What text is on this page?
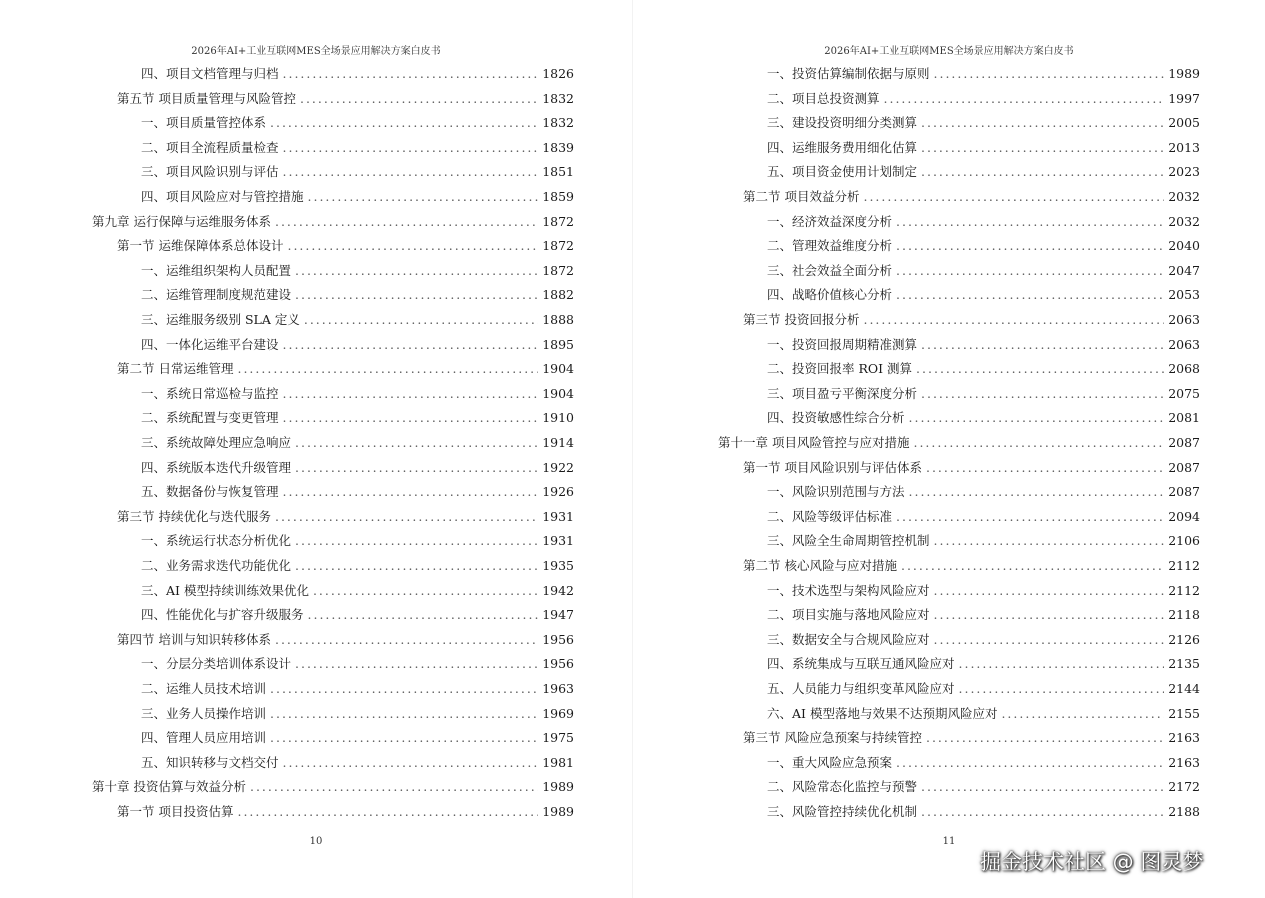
2026年AI+工业互联网MES全场景应用解决方案白皮书
四、项目文档管理与归档 .....	1826
第五节 项目质量管理与风险管控 .....	1832
一、项目质量管控体系 .....	1832
二、项目全流程质量检查 .....	1839
三、项目风险识别与评估 .....	1851
四、项目风险应对与管控措施 .....	1859
第九章 运行保障与运维服务体系 .....	1872
第一节 运维保障体系总体设计 .....	1872
一、运维组织架构人员配置 .....	1872
二、运维管理制度规范建设 .....	1882
三、运维服务级别 SLA 定义 .....	1888
四、一体化运维平台建设 .....	1895
第二节 日常运维管理 .....	1904
一、系统日常巡检与监控 .....	1904
二、系统配置与变更管理 .....	1910
三、系统故障处理应急响应 .....	1914
四、系统版本迭代升级管理 .....	1922
五、数据备份与恢复管理 .....	1926
第三节 持续优化与迭代服务 .....	1931
一、系统运行状态分析优化 .....	1931
二、业务需求迭代功能优化 .....	1935
三、AI 模型持续训练效果优化 .....	1942
四、性能优化与扩容升级服务 .....	1947
第四节 培训与知识转移体系 .....	1956
一、分层分类培训体系设计 .....	1956
二、运维人员技术培训 .....	1963
三、业务人员操作培训 .....	1969
四、管理人员应用培训 .....	1975
五、知识转移与文档交付 .....	1981
第十章 投资估算与效益分析 .....	1989
第一节 项目投资估算 .....	1989
10
2026年AI+工业互联网MES全场景应用解决方案白皮书
一、投资估算编制依据与原则 .....	1989
二、项目总投资测算 .....	1997
三、建设投资明细分类测算 .....	2005
四、运维服务费用细化估算 .....	2013
五、项目资金使用计划制定 .....	2023
第二节 项目效益分析 .....	2032
一、经济效益深度分析 .....	2032
二、管理效益维度分析 .....	2040
三、社会效益全面分析 .....	2047
四、战略价值核心分析 .....	2053
第三节 投资回报分析 .....	2063
一、投资回报周期精准测算 .....	2063
二、投资回报率 ROI 测算 .....	2068
三、项目盈亏平衡深度分析 .....	2075
四、投资敏感性综合分析 .....	2081
第十一章 项目风险管控与应对措施 .....	2087
第一节 项目风险识别与评估体系 .....	2087
一、风险识别范围与方法 .....	2087
二、风险等级评估标准 .....	2094
三、风险全生命周期管控机制 .....	2106
第二节 核心风险与应对措施 .....	2112
一、技术选型与架构风险应对 .....	2112
二、项目实施与落地风险应对 .....	2118
三、数据安全与合规风险应对 .....	2126
四、系统集成与互联互通风险应对 .....	2135
五、人员能力与组织变革风险应对 .....	2144
六、AI 模型落地与效果不达预期风险应对 .....	2155
第三节 风险应急预案与持续管控 .....	2163
一、重大风险应急预案 .....	2163
二、风险常态化监控与预警 .....	2172
三、风险管控持续优化机制 .....	2188
11
掘金技术社区 @ 图灵梦
